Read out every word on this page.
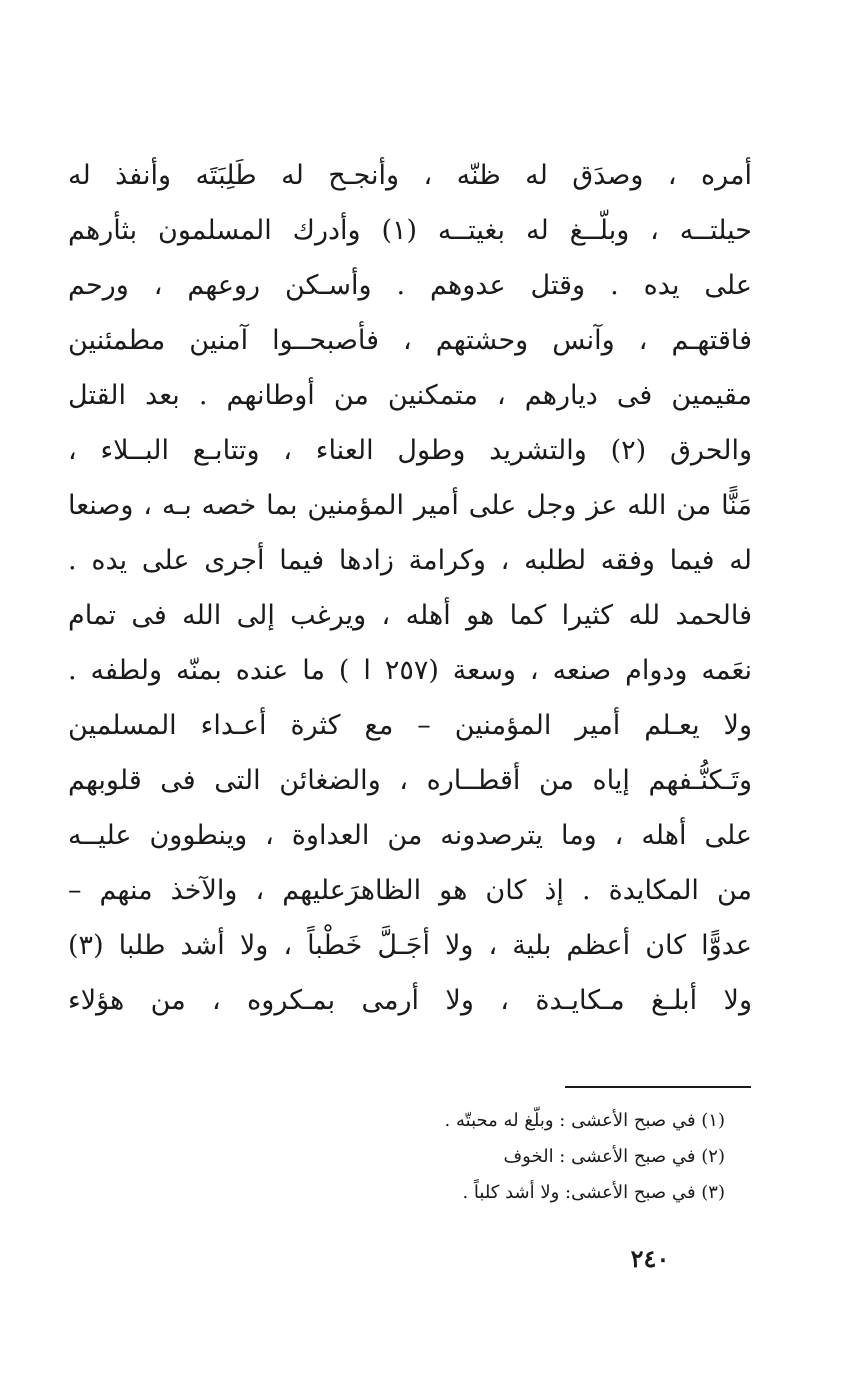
أمره ، وصدَق له ظنّه ، وأنجـح له طَلِبَتَه وأنفذ له
حيلتــه ، وبلّــغ له بغيتــه (١) وأدرك المسلمون بثأرهم
على يده . وقتل عدوهم . وأسـكن روعهم ، ورحم
فاقتهـم ، وآنس وحشتهم ، فأصبحــوا آمنين مطمئنين
مقيمين فى ديارهم ، متمكنين من أوطانهم . بعد القتل
والحرق (٢) والتشريد وطول العناء ، وتتابـع البــلاء ،
مَنًّا من الله عز وجل على أمير المؤمنين بما خصه بـه ، وصنعا
له فيما وفقه لطلبه ، وكرامة زادها فيما أجرى على يده .
فالحمد لله كثيرا كما هو أهله ، ويرغب إلى الله فى تمام
نعَمه ودوام صنعه ، وسعة (٢٥٧ ا ) ما عنده بمنّه ولطفه .
ولا يعـلم أمير المؤمنين – مع كثرة أعـداء المسلمين
وتَـكنُّـفهم إياه من أقطــاره ، والضغائن التى فى قلوبهم
على أهله ، وما يترصدونه من العداوة ، وينطوون عليــه
من المكايدة . إذ كان هو الظاهرَعليهم ، والآخذ منهم –
عدوًّا كان أعظم بلية ، ولا أجَـلَّ خَطْباً ، ولا أشد طلبا (٣)
ولا أبلـغ مـكايـدة ، ولا أرمى بمـكروه ، من هؤلاء
(١) في صبح الأعشى : وبلّغ له محبتّه .
(٢) في صبح الأعشى : الخوف
(٣) في صبح الأعشى: ولا أشد كلباً .
٢٤٠
